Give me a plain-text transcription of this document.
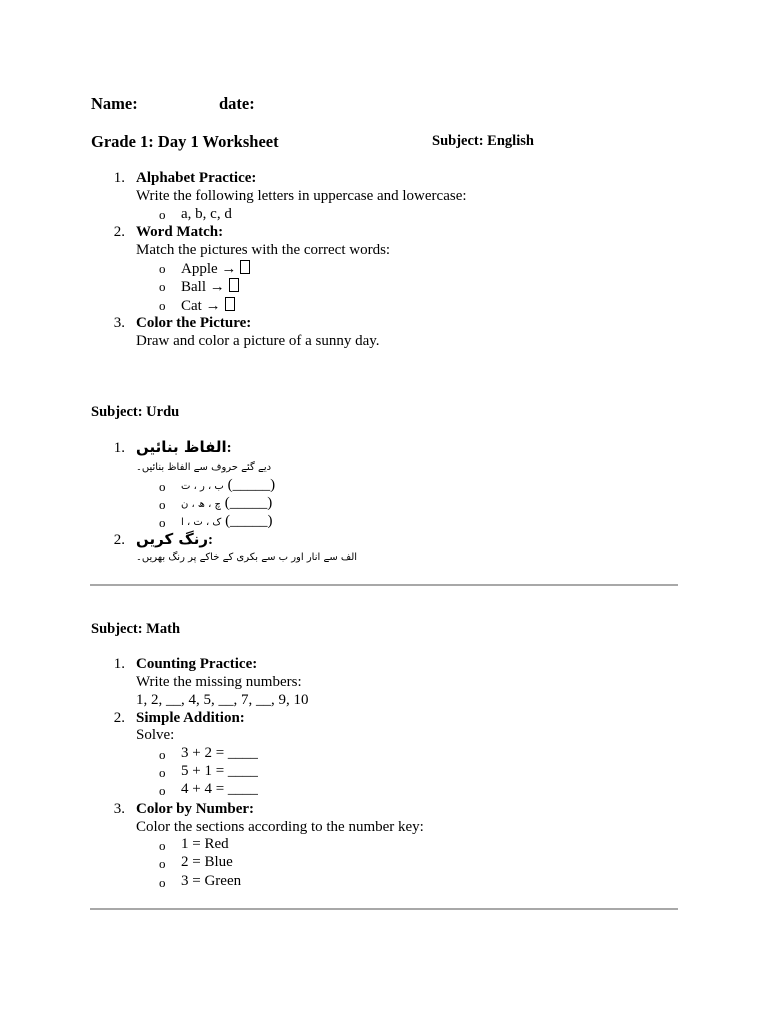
Name:	date:
Grade 1: Day 1 Worksheet	Subject: English
1. Alphabet Practice:
Write the following letters in uppercase and lowercase:
o a, b, c, d
2. Word Match:
Match the pictures with the correct words:
o Apple →
o Ball →
o Cat →
3. Color the Picture:
Draw and color a picture of a sunny day.
Subject: Urdu
1. الفاظ بنائیں:
دیے گئے حروف سے الفاظ بنائیں۔
o ب ، ر ، ت (_____)
o چ ، ھ ، ن (_____)
o ک ، ت ، ا (_____)
2. رنگ کریں:
الف سے انار اور ب سے بکری کے خاکے پر رنگ بھریں۔
Subject: Math
1. Counting Practice:
Write the missing numbers:
1, 2, __, 4, 5, __, 7, __, 9, 10
2. Simple Addition:
Solve:
o 3 + 2 = ____
o 5 + 1 = ____
o 4 + 4 = ____
3. Color by Number:
Color the sections according to the number key:
o 1 = Red
o 2 = Blue
o 3 = Green
